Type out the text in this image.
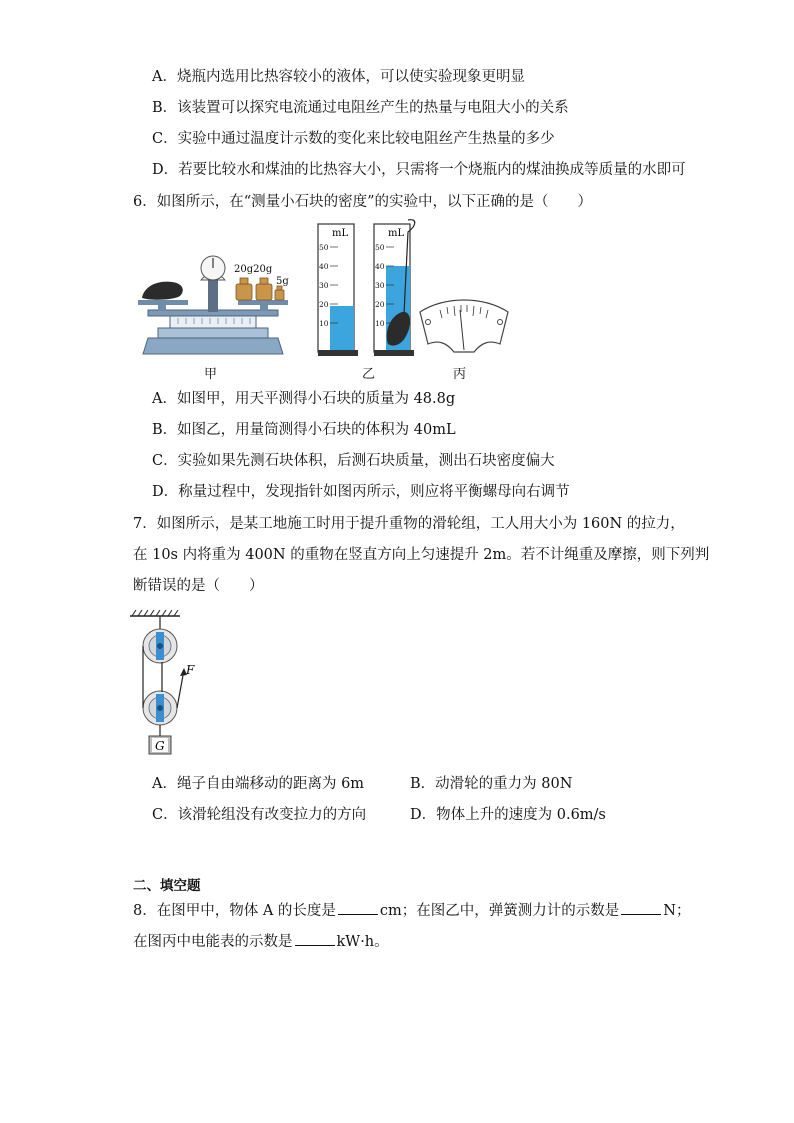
A．烧瓶内选用比热容较小的液体，可以使实验现象更明显
B．该装置可以探究电流通过电阻丝产生的热量与电阻大小的关系
C．实验中通过温度计示数的变化来比较电阻丝产生热量的多少
D．若要比较水和煤油的比热容大小，只需将一个烧瓶内的煤油换成等质量的水即可
6．如图所示，在“测量小石块的密度”的实验中，以下正确的是（　　）
20g20g
5g
mL
50
40
30
20
10
mL
50
40
30
20
10
甲	乙	丙
A．如图甲，用天平测得小石块的质量为 48.8g
B．如图乙，用量筒测得小石块的体积为 40mL
C．实验如果先测石块体积，后测石块质量，测出石块密度偏大
D．称量过程中，发现指针如图丙所示，则应将平衡螺母向右调节
7．如图所示，是某工地施工时用于提升重物的滑轮组，工人用大小为 160N 的拉力，
在 10s 内将重为 400N 的重物在竖直方向上匀速提升 2m。若不计绳重及摩擦，则下列判
断错误的是（　　）
F
G
A．绳子自由端移动的距离为 6m	B．动滑轮的重力为 80N
C．该滑轮组没有改变拉力的方向	D．物体上升的速度为 0.6m/s
二、填空题
8．在图甲中，物体 A 的长度是	cm；在图乙中，弹簧测力计的示数是	N；
在图丙中电能表的示数是	kW·h。
